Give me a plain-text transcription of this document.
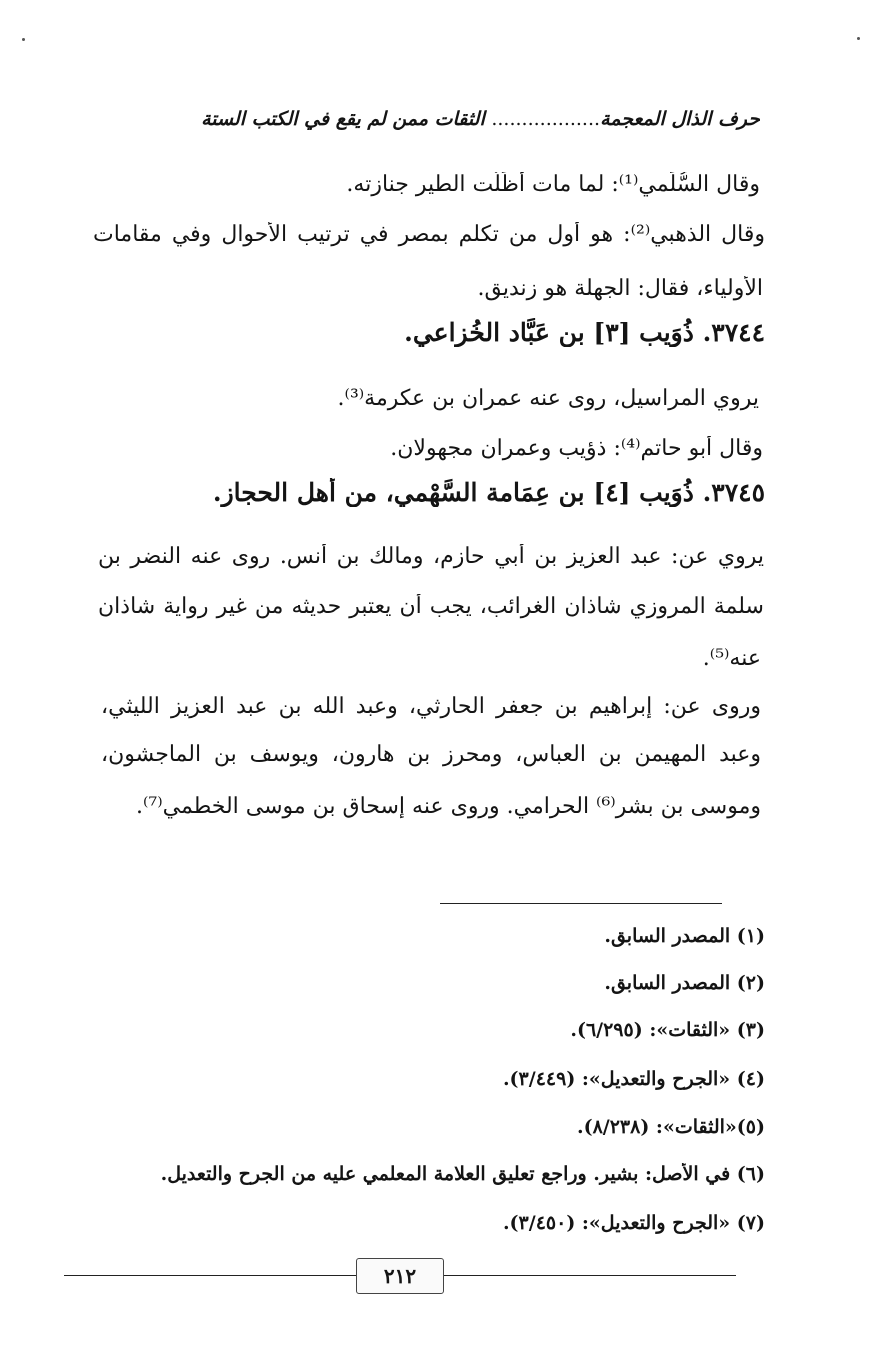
حرف الذال المعجمة.................. الثقات ممن لم يقع في الكتب الستة
وقال السُّلَمي⁽¹⁾: لما مات أَظَلَّت الطير جنازته.
وقال الذهبي⁽²⁾: هو أول من تكلم بمصر في ترتيب الأحوال وفي مقامات
الأولياء، فقال: الجهلة هو زنديق.
٣٧٤٤. ذُوَيب [٣] بن عَبَّاد الخُزاعي.
يروي المراسيل، روى عنه عمران بن عكرمة⁽³⁾.
وقال أبو حاتم⁽⁴⁾: ذؤيب وعمران مجهولان.
٣٧٤٥. ذُوَيب [٤] بن عِمَامة السَّهْمي، من أهل الحجاز.
يروي عن: عبد العزيز بن أبي حازم، ومالك بن أنس. روى عنه النضر بن
سلمة المروزي شاذان الغرائب، يجب أن يعتبر حديثه من غير رواية شاذان
عنه⁽⁵⁾.
وروى عن: إبراهيم بن جعفر الحارثي، وعبد الله بن عبد العزيز الليثي،
وعبد المهيمن بن العباس، ومحرز بن هارون، ويوسف بن الماجشون،
وموسى بن بشر⁽⁶⁾ الحرامي. وروى عنه إسحاق بن موسى الخطمي⁽⁷⁾.
(١) المصدر السابق.
(٢) المصدر السابق.
(٣) «الثقات»: (٦/٢٩٥).
(٤) «الجرح والتعديل»: (٣/٤٤٩).
(٥)«الثقات»: (٨/٢٣٨).
(٦) في الأصل: بشير. وراجع تعليق العلامة المعلمي عليه من الجرح والتعديل.
(٧) «الجرح والتعديل»: (٣/٤٥٠).
٢١٢
